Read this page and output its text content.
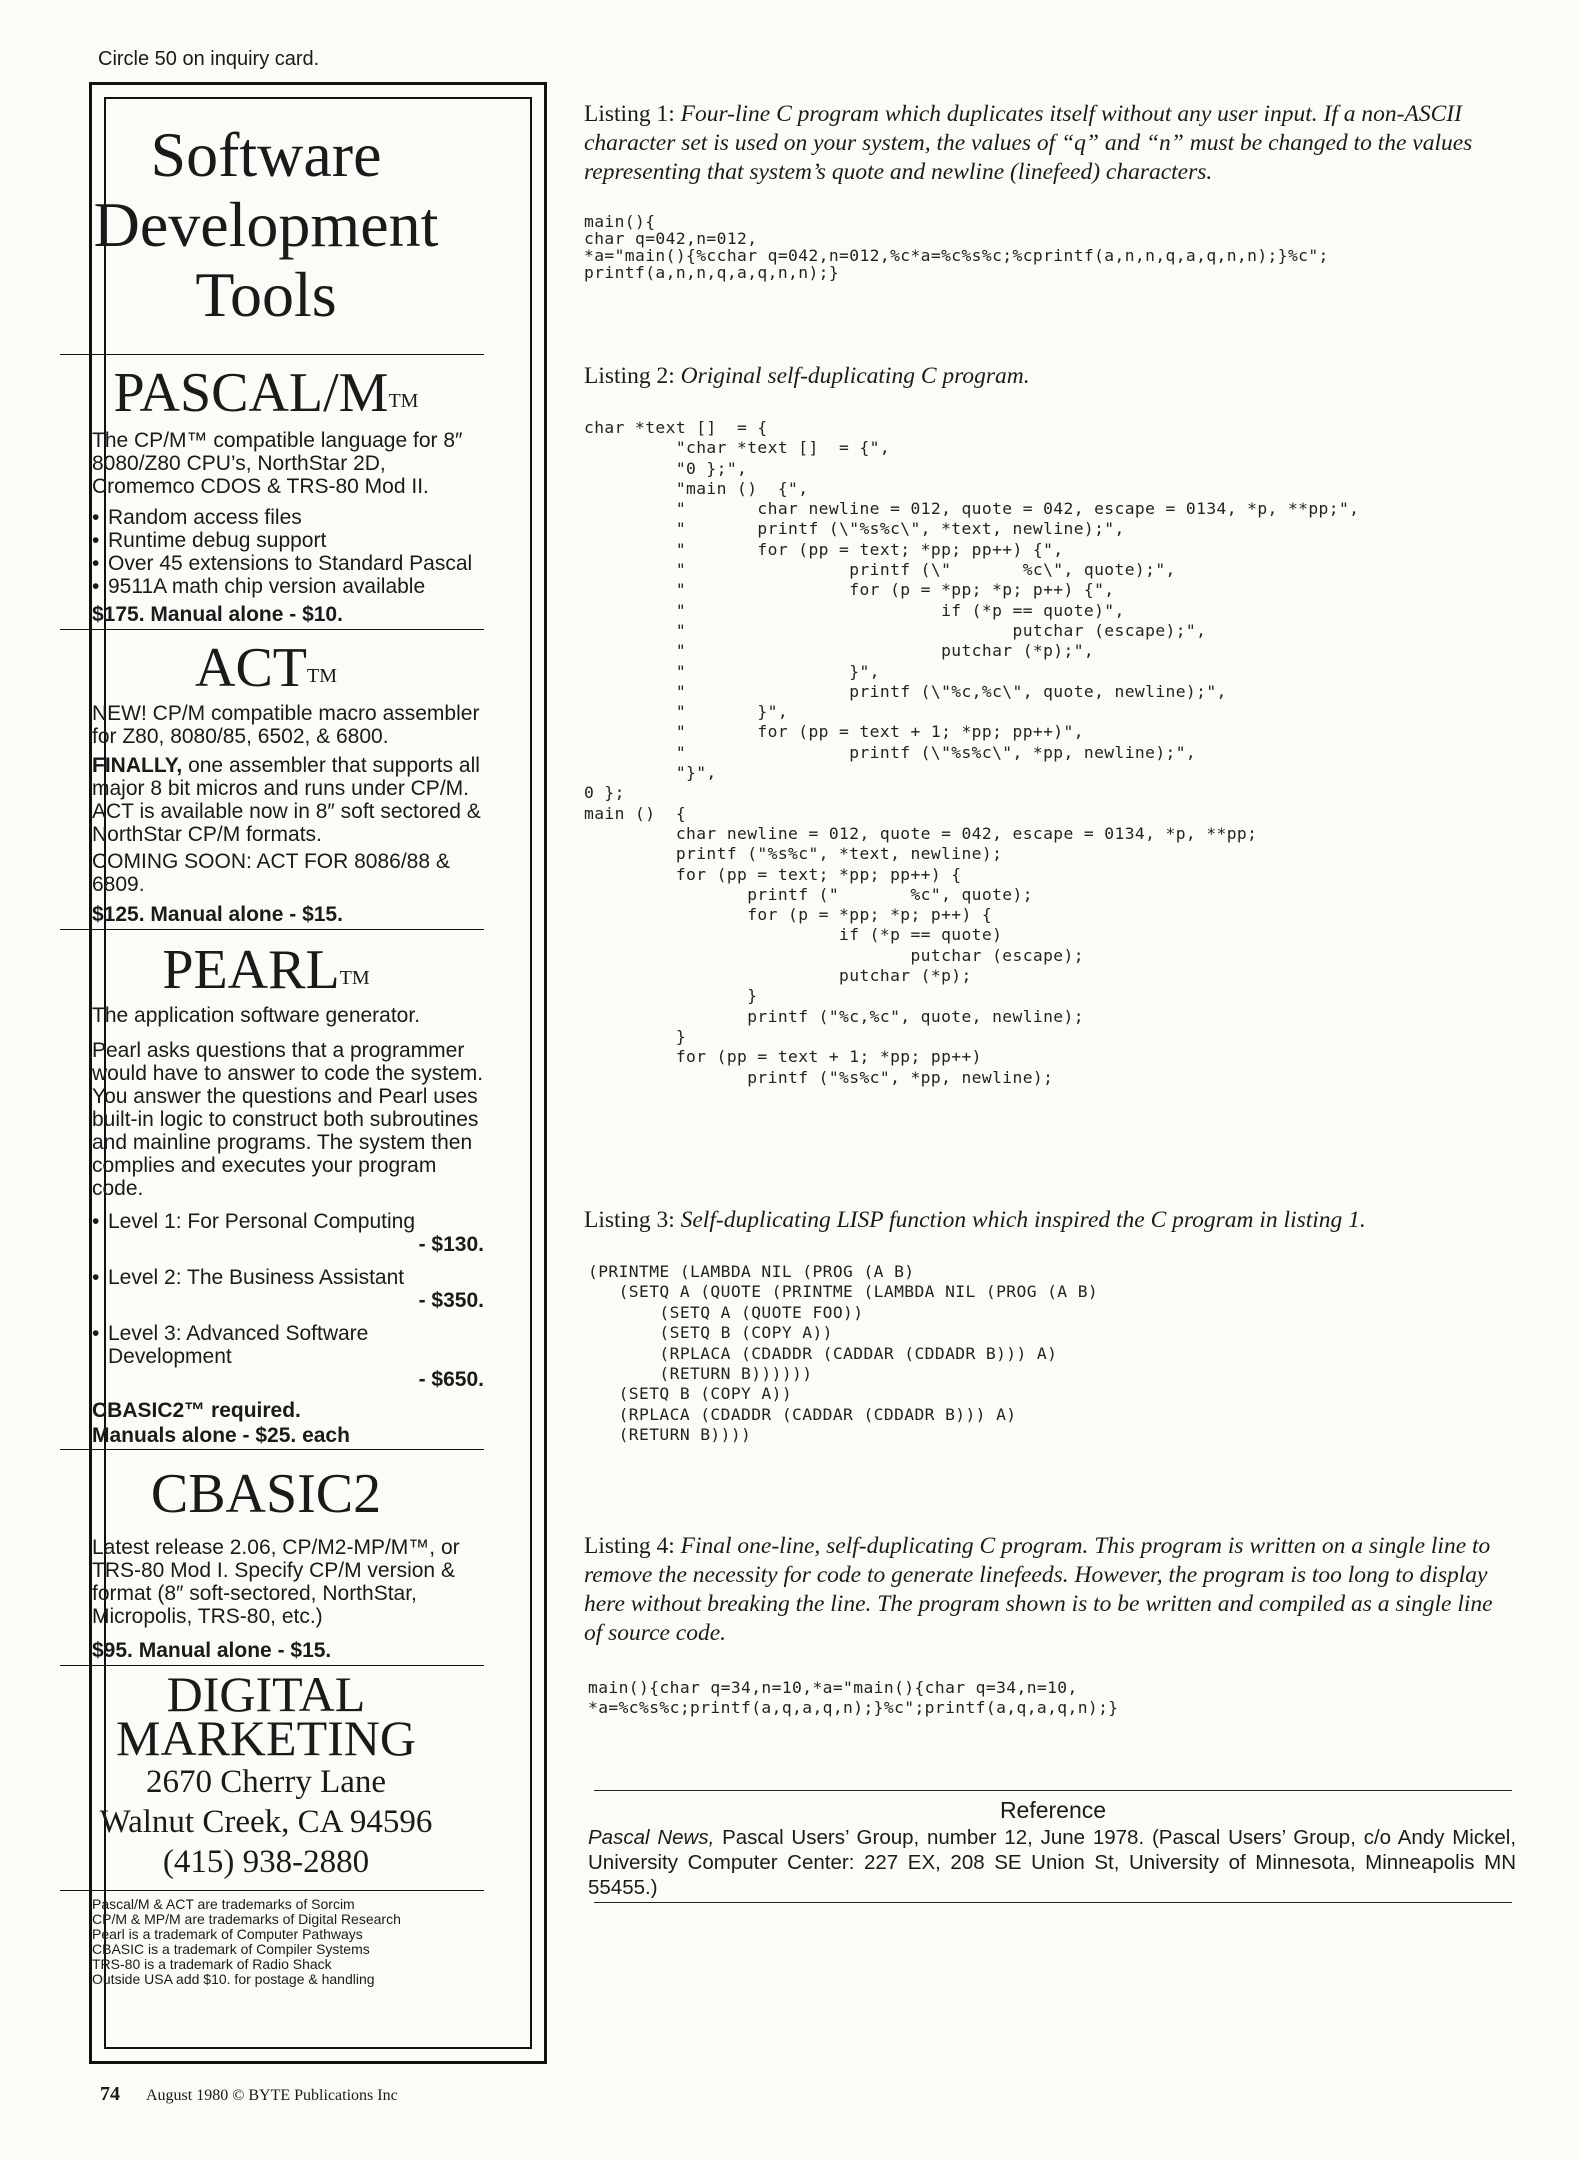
Circle 50 on inquiry card.
Software
Development
Tools
PASCAL/M™
The CP/M™ compatible language for 8″ 8080/Z80 CPU’s, NorthStar 2D, Cromemco CDOS & TRS-80 Mod II.
• Random access files
• Runtime debug support
• Over 45 extensions to Standard Pascal
• 9511A math chip version available
$175. Manual alone - $10.
ACT™
NEW! CP/M compatible macro assembler for Z80, 8080/85, 6502, & 6800.
FINALLY, one assembler that supports all major 8 bit micros and runs under CP/M. ACT is available now in 8″ soft sectored & NorthStar CP/M formats.
COMING SOON: ACT FOR 8086/88 & 6809.
$125. Manual alone - $15.
PEARL™
The application software generator.
Pearl asks questions that a programmer would have to answer to code the system. You answer the questions and Pearl uses built-in logic to construct both subroutines and mainline programs. The system then complies and executes your program code.
• Level 1: For Personal Computing
- $130.
• Level 2: The Business Assistant
- $350.
• Level 3: Advanced Software Development
- $650.
CBASIC2™ required.
Manuals alone - $25. each
CBASIC2
Latest release 2.06, CP/M2-MP/M™, or TRS-80 Mod I. Specify CP/M version & format (8″ soft-sectored, NorthStar, Micropolis, TRS-80, etc.)
$95. Manual alone - $15.
DIGITAL
MARKETING
2670 Cherry Lane
Walnut Creek, CA 94596
(415) 938-2880
Pascal/M & ACT are trademarks of Sorcim
CP/M & MP/M are trademarks of Digital Research
Pearl is a trademark of Computer Pathways
CBASIC is a trademark of Compiler Systems
TRS-80 is a trademark of Radio Shack
Outside USA add $10. for postage & handling
Listing 1: Four-line C program which duplicates itself without any user input. If a non-ASCII character set is used on your system, the values of “q” and “n” must be changed to the values representing that system’s quote and newline (linefeed) characters.
main(){
char q=042,n=012,
*a="main(){%cchar q=042,n=012,%c*a=%c%s%c;%cprintf(a,n,n,q,a,q,n,n);}%c";
printf(a,n,n,q,a,q,n,n);}
Listing 2: Original self-duplicating C program.
char *text []  = {
"char *text []  = {",
"0 };",
"main ()  {",
"       char newline = 012, quote = 042, escape = 0134, *p, **pp;",
"       printf (\"%s%c\", *text, newline);",
"       for (pp = text; *pp; pp++) {",
"                printf (\"       %c\", quote);",
"                for (p = *pp; *p; p++) {",
"                         if (*p == quote)",
"                                putchar (escape);",
"                         putchar (*p);",
"                }",
"                printf (\"%c,%c\", quote, newline);",
"       }",
"       for (pp = text + 1; *pp; pp++)",
"                printf (\"%s%c\", *pp, newline);",
"}",
0 };
main ()  {
char newline = 012, quote = 042, escape = 0134, *p, **pp;
printf ("%s%c", *text, newline);
for (pp = text; *pp; pp++) {
printf ("       %c", quote);
for (p = *pp; *p; p++) {
if (*p == quote)
putchar (escape);
putchar (*p);
}
printf ("%c,%c", quote, newline);
}
for (pp = text + 1; *pp; pp++)
printf ("%s%c", *pp, newline);
Listing 3: Self-duplicating LISP function which inspired the C program in listing 1.
(PRINTME (LAMBDA NIL (PROG (A B)
(SETQ A (QUOTE (PRINTME (LAMBDA NIL (PROG (A B)
(SETQ A (QUOTE FOO))
(SETQ B (COPY A))
(RPLACA (CDADDR (CADDAR (CDDADR B))) A)
(RETURN B))))))
(SETQ B (COPY A))
(RPLACA (CDADDR (CADDAR (CDDADR B))) A)
(RETURN B))))
Listing 4: Final one-line, self-duplicating C program. This program is written on a single line to remove the necessity for code to generate linefeeds. However, the program is too long to display here without breaking the line. The program shown is to be written and compiled as a single line of source code.
main(){char q=34,n=10,*a="main(){char q=34,n=10,
*a=%c%s%c;printf(a,q,a,q,n);}%c";printf(a,q,a,q,n);}
Reference
Pascal News, Pascal Users’ Group, number 12, June 1978. (Pascal Users’ Group, c/o Andy Mickel, University Computer Center: 227 EX, 208 SE Union St, University of Minnesota, Minneapolis MN 55455.)
74 August 1980 © BYTE Publications Inc
